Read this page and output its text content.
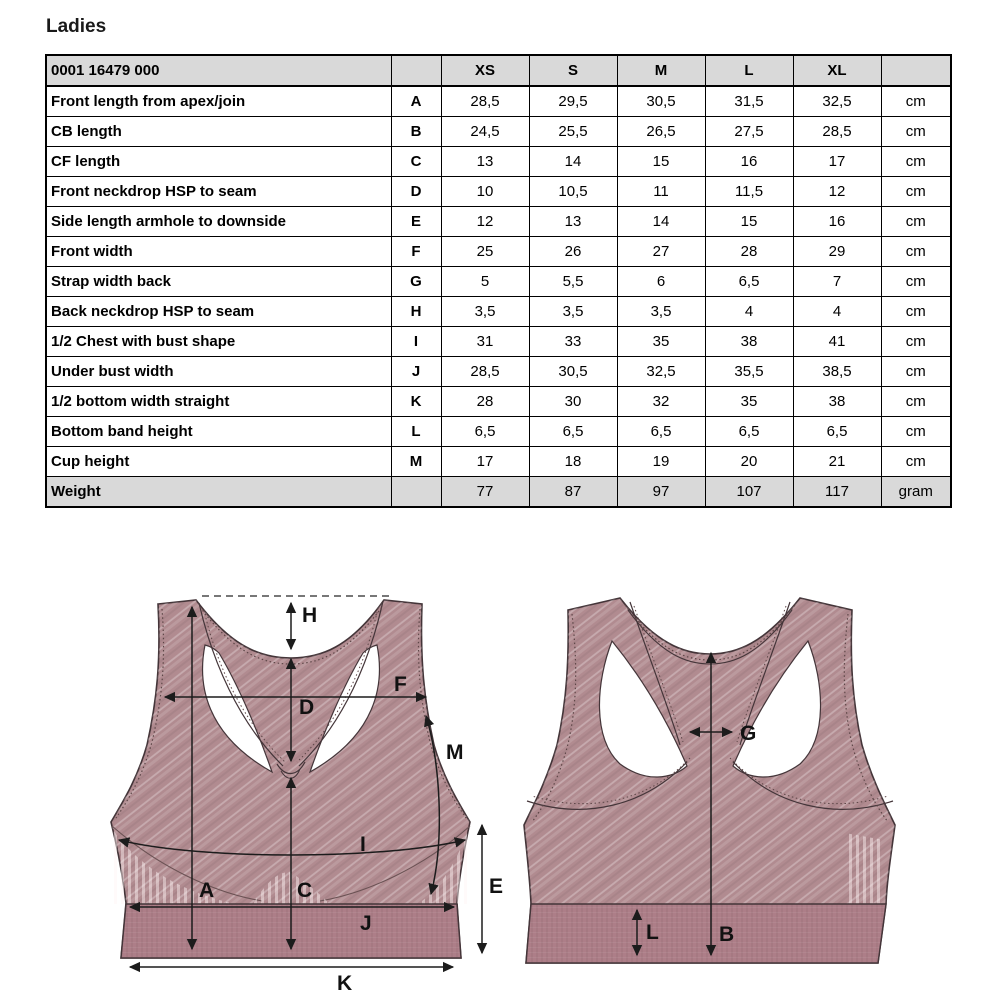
Ladies
0001 16479 000		XS	S	M	L	XL	
Front length from apex/join	A	28,5	29,5	30,5	31,5	32,5	cm
CB length	B	24,5	25,5	26,5	27,5	28,5	cm
CF length	C	13	14	15	16	17	cm
Front neckdrop HSP to seam	D	10	10,5	11	11,5	12	cm
Side length armhole to downside	E	12	13	14	15	16	cm
Front width	F	25	26	27	28	29	cm
Strap width back	G	5	5,5	6	6,5	7	cm
Back neckdrop HSP to seam	H	3,5	3,5	3,5	4	4	cm
1/2 Chest with bust shape	I	31	33	35	38	41	cm
Under bust width	J	28,5	30,5	32,5	35,5	38,5	cm
1/2 bottom width straight	K	28	30	32	35	38	cm
Bottom band height	L	6,5	6,5	6,5	6,5	6,5	cm
Cup height	M	17	18	19	20	21	cm
Weight		77	87	97	107	117	gram
H
D
F
M
A	C
I
J
E
K
G
B
L
